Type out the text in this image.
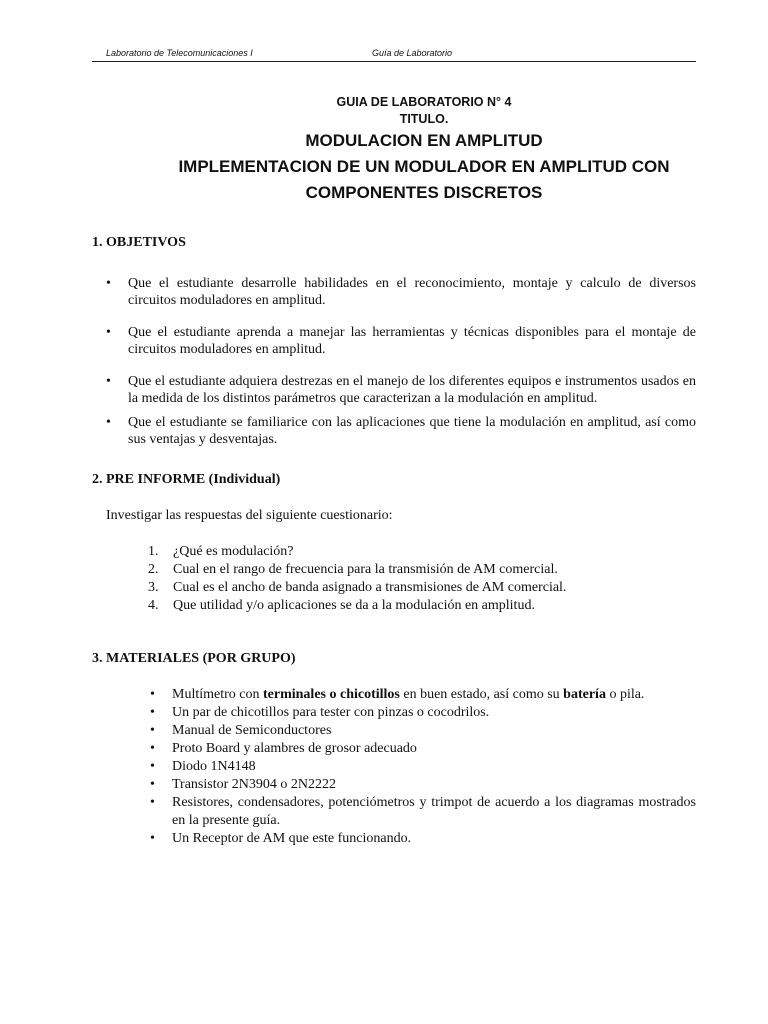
Laboratorio de Telecomunicaciones I	Guía de Laboratorio
GUIA DE LABORATORIO N° 4
TITULO.
MODULACION EN AMPLITUD
IMPLEMENTACION DE UN MODULADOR EN AMPLITUD CON
COMPONENTES DISCRETOS
1. OBJETIVOS
• Que el estudiante desarrolle habilidades en el reconocimiento, montaje y calculo de diversos circuitos moduladores en amplitud.
• Que el estudiante aprenda a manejar las herramientas y técnicas disponibles para el montaje de circuitos moduladores en amplitud.
• Que el estudiante adquiera destrezas en el manejo de los diferentes equipos e instrumentos usados en la medida de los distintos parámetros que caracterizan a la modulación en amplitud.
• Que el estudiante se familiarice con las aplicaciones que tiene la modulación en amplitud, así como sus ventajas y desventajas.
2. PRE INFORME (Individual)
Investigar las respuestas del siguiente cuestionario:
1. ¿Qué es modulación?
2. Cual en el rango de frecuencia para la transmisión de AM comercial.
3. Cual es el ancho de banda asignado a transmisiones de AM comercial.
4. Que utilidad y/o aplicaciones se da a la modulación en amplitud.
3. MATERIALES (POR GRUPO)
• Multímetro con terminales o chicotillos en buen estado, así como su batería o pila.
• Un par de chicotillos para tester con pinzas o cocodrilos.
• Manual de Semiconductores
• Proto Board y alambres de grosor adecuado
• Diodo 1N4148
• Transistor 2N3904 o 2N2222
• Resistores, condensadores, potenciómetros y trimpot de acuerdo a los diagramas mostrados en la presente guía.
• Un Receptor de AM que este funcionando.
